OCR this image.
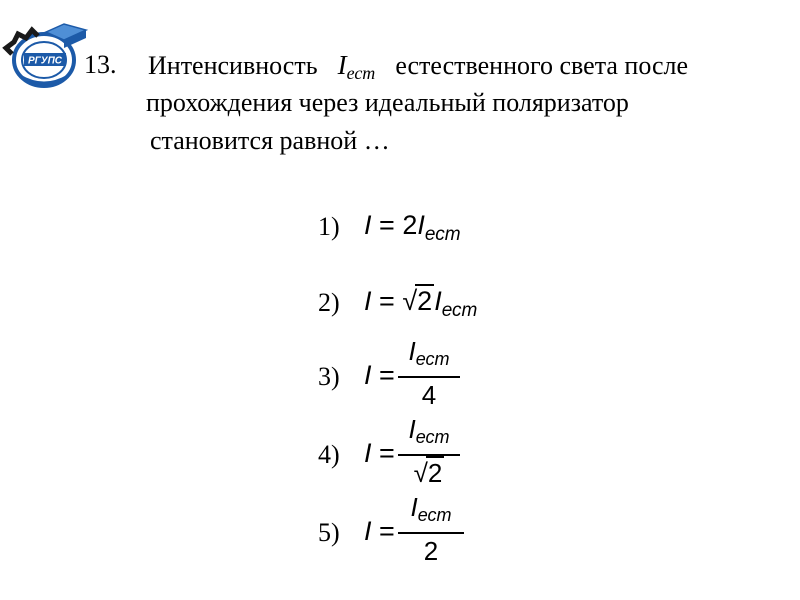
РГУПС 13. Интенсивность $I_{ест}$ естественного света после
прохождения через идеальный поляризатор
становится равной …
1) $I = 2I_{ест}$
2) $I = √2I_{ест}$
3) I =
$I_{ест}$
4
4) I =
$I_{ест}$
√2
5) I =
$I_{ест}$
2
